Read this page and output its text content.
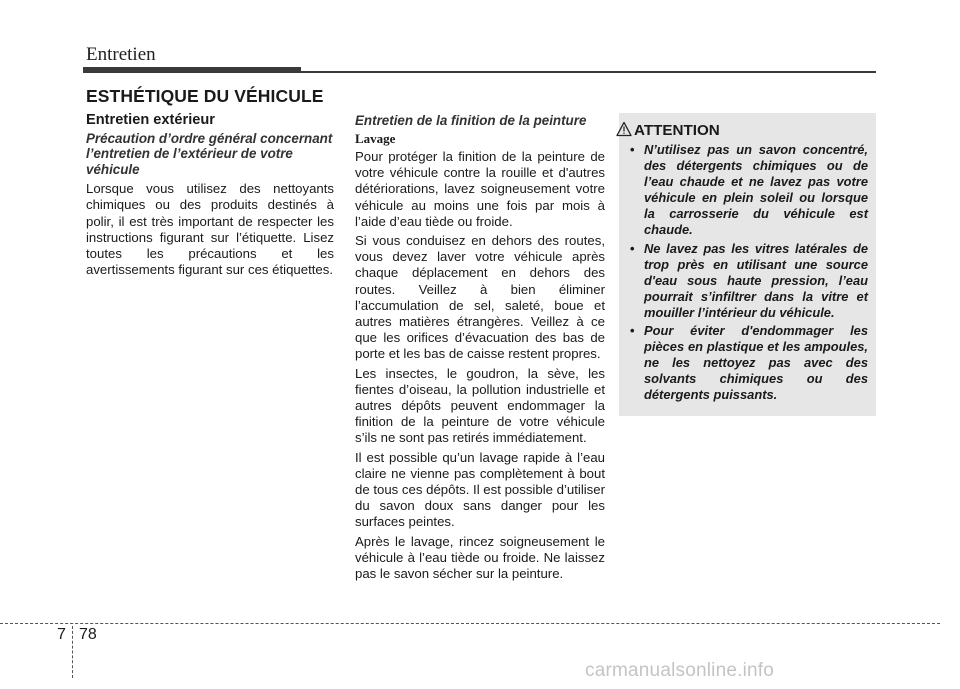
Entretien
ESTHÉTIQUE DU VÉHICULE
Entretien extérieur
Précaution d’ordre général concernant l’entretien de l’extérieur de votre véhicule

Lorsque vous utilisez des nettoyants chimiques ou des produits destinés à polir, il est très important de respecter les instructions figurant sur l’étiquette. Lisez toutes les précautions et les avertissements figurant sur ces étiquettes.

Entretien de la finition de la peinture
Lavage

Pour protéger la finition de la peinture de votre véhicule contre la rouille et d'autres détériorations, lavez soigneusement votre véhicule au moins une fois par mois à l’aide d’eau tiède ou froide.

Si vous conduisez en dehors des routes, vous devez laver votre véhicule après chaque déplacement en dehors des routes. Veillez à bien éliminer l’accumulation de sel, saleté, boue et autres matières étrangères. Veillez à ce que les orifices d’évacuation des bas de porte et les bas de caisse restent propres.

Les insectes, le goudron, la sève, les fientes d’oiseau, la pollution industrielle et autres dépôts peuvent endommager la finition de la peinture de votre véhicule s’ils ne sont pas retirés immédiatement.

Il est possible qu’un lavage rapide à l’eau claire ne vienne pas complètement à bout de tous ces dépôts. Il est possible d’utiliser du savon doux sans danger pour les surfaces peintes.

Après le lavage, rincez soigneusement le véhicule à l’eau tiède ou froide. Ne laissez pas le savon sécher sur la peinture.

ATTENTION
• N’utilisez pas un savon concentré, des détergents chimiques ou de l’eau chaude et ne lavez pas votre véhicule en plein soleil ou lorsque la carrosserie du véhicule est chaude.
• Ne lavez pas les vitres latérales de trop près en utilisant une source d'eau sous haute pression, l’eau pourrait s’infiltrer dans la vitre et mouiller l’intérieur du véhicule.
• Pour éviter d'endommager les pièces en plastique et les ampoules, ne les nettoyez pas avec des solvants chimiques ou des détergents puissants.
7 78
carmanualsonline.info
